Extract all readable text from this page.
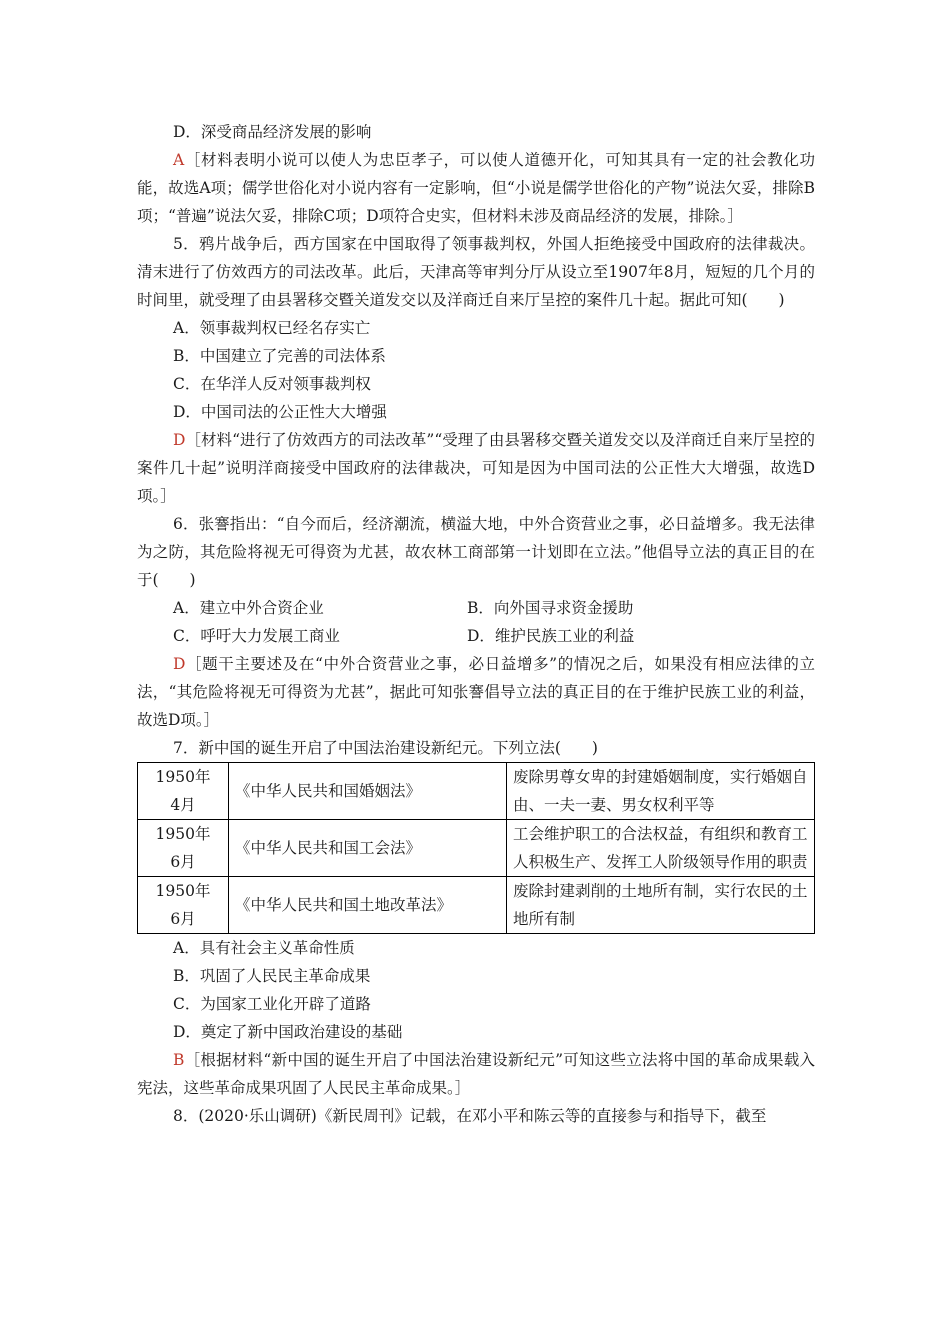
D．深受商品经济发展的影响

A［材料表明小说可以使人为忠臣孝子，可以使人道德开化，可知其具有一定的社会教化功能，故选A项；儒学世俗化对小说内容有一定影响，但“小说是儒学世俗化的产物”说法欠妥，排除B项；“普遍”说法欠妥，排除C项；D项符合史实，但材料未涉及商品经济的发展，排除。］

5．鸦片战争后，西方国家在中国取得了领事裁判权，外国人拒绝接受中国政府的法律裁决。清末进行了仿效西方的司法改革。此后，天津高等审判分厅从设立至1907年8月，短短的几个月的时间里，就受理了由县署移交暨关道发交以及洋商迁自来厅呈控的案件几十起。据此可知(　　)

A．领事裁判权已经名存实亡

B．中国建立了完善的司法体系

C．在华洋人反对领事裁判权

D．中国司法的公正性大大增强

D［材料“进行了仿效西方的司法改革”“受理了由县署移交暨关道发交以及洋商迁自来厅呈控的案件几十起”说明洋商接受中国政府的法律裁决，可知是因为中国司法的公正性大大增强，故选D项。］

6．张謇指出：“自今而后，经济潮流，横溢大地，中外合资营业之事，必日益增多。我无法律为之防，其危险将视无可得资为尤甚，故农林工商部第一计划即在立法。”他倡导立法的真正目的在于(　　)

A．建立中外合资企业	B．向外国寻求资金援助
C．呼吁大力发展工商业	D．维护民族工业的利益

D［题干主要述及在“中外合资营业之事，必日益增多”的情况之后，如果没有相应法律的立法，“其危险将视无可得资为尤甚”，据此可知张謇倡导立法的真正目的在于维护民族工业的利益，故选D项。］

7．新中国的诞生开启了中国法治建设新纪元。下列立法(　　)

1950年
4月	《中华人民共和国婚姻法》	废除男尊女卑的封建婚姻制度，实行婚姻自由、一夫一妻、男女权利平等
1950年
6月	《中华人民共和国工会法》	工会维护职工的合法权益，有组织和教育工人积极生产、发挥工人阶级领导作用的职责
1950年
6月	《中华人民共和国土地改革法》	废除封建剥削的土地所有制，实行农民的土地所有制

A．具有社会主义革命性质

B．巩固了人民民主革命成果

C．为国家工业化开辟了道路

D．奠定了新中国政治建设的基础

B［根据材料“新中国的诞生开启了中国法治建设新纪元”可知这些立法将中国的革命成果载入宪法，这些革命成果巩固了人民民主革命成果。］

8．(2020·乐山调研)《新民周刊》记载，在邓小平和陈云等的直接参与和指导下，截至
